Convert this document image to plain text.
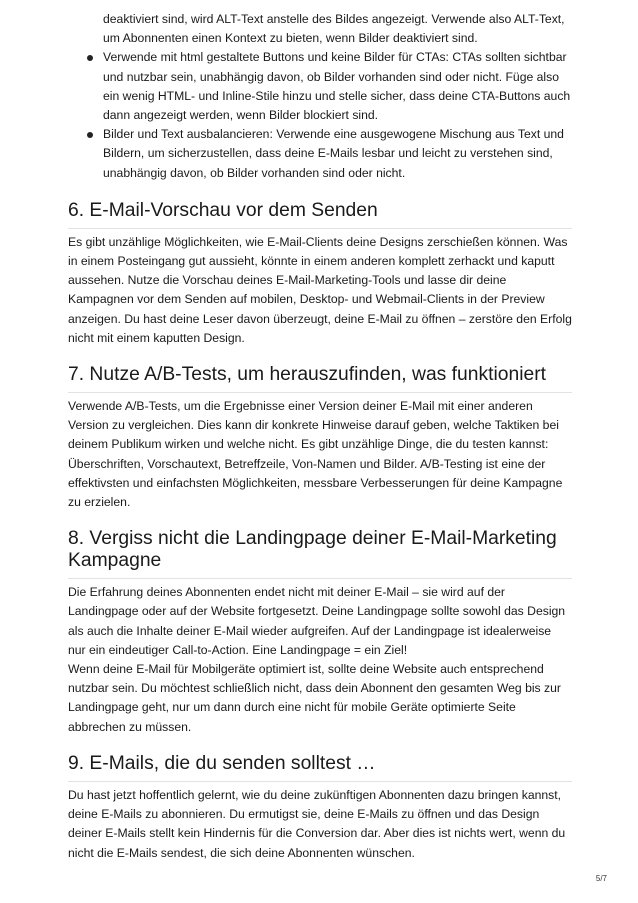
deaktiviert sind, wird ALT-Text anstelle des Bildes angezeigt. Verwende also ALT-Text, um Abonnenten einen Kontext zu bieten, wenn Bilder deaktiviert sind.
Verwende mit html gestaltete Buttons und keine Bilder für CTAs: CTAs sollten sichtbar und nutzbar sein, unabhängig davon, ob Bilder vorhanden sind oder nicht. Füge also ein wenig HTML- und Inline-Stile hinzu und stelle sicher, dass deine CTA-Buttons auch dann angezeigt werden, wenn Bilder blockiert sind.
Bilder und Text ausbalancieren: Verwende eine ausgewogene Mischung aus Text und Bildern, um sicherzustellen, dass deine E-Mails lesbar und leicht zu verstehen sind, unabhängig davon, ob Bilder vorhanden sind oder nicht.
6. E-Mail-Vorschau vor dem Senden

Es gibt unzählige Möglichkeiten, wie E-Mail-Clients deine Designs zerschießen können. Was in einem Posteingang gut aussieht, könnte in einem anderen komplett zerhackt und kaputt aussehen. Nutze die Vorschau deines E-Mail-Marketing-Tools und lasse dir deine Kampagnen vor dem Senden auf mobilen, Desktop- und Webmail-Clients in der Preview anzeigen. Du hast deine Leser davon überzeugt, deine E-Mail zu öffnen – zerstöre den Erfolg nicht mit einem kaputten Design.

7. Nutze A/B-Tests, um herauszufinden, was funktioniert

Verwende A/B-Tests, um die Ergebnisse einer Version deiner E-Mail mit einer anderen Version zu vergleichen. Dies kann dir konkrete Hinweise darauf geben, welche Taktiken bei deinem Publikum wirken und welche nicht. Es gibt unzählige Dinge, die du testen kannst: Überschriften, Vorschautext, Betreffzeile, Von-Namen und Bilder. A/B-Testing ist eine der effektivsten und einfachsten Möglichkeiten, messbare Verbesserungen für deine Kampagne zu erzielen.

8. Vergiss nicht die Landingpage deiner E-Mail-Marketing Kampagne

Die Erfahrung deines Abonnenten endet nicht mit deiner E-Mail – sie wird auf der Landingpage oder auf der Website fortgesetzt. Deine Landingpage sollte sowohl das Design als auch die Inhalte deiner E-Mail wieder aufgreifen. Auf der Landingpage ist idealerweise nur ein eindeutiger Call-to-Action. Eine Landingpage = ein Ziel!

Wenn deine E-Mail für Mobilgeräte optimiert ist, sollte deine Website auch entsprechend nutzbar sein. Du möchtest schließlich nicht, dass dein Abonnent den gesamten Weg bis zur Landingpage geht, nur um dann durch eine nicht für mobile Geräte optimierte Seite abbrechen zu müssen.

9. E-Mails, die du senden solltest …

Du hast jetzt hoffentlich gelernt, wie du deine zukünftigen Abonnenten dazu bringen kannst, deine E-Mails zu abonnieren. Du ermutigst sie, deine E-Mails zu öffnen und das Design deiner E-Mails stellt kein Hindernis für die Conversion dar. Aber dies ist nichts wert, wenn du nicht die E-Mails sendest, die sich deine Abonnenten wünschen.

5/7
